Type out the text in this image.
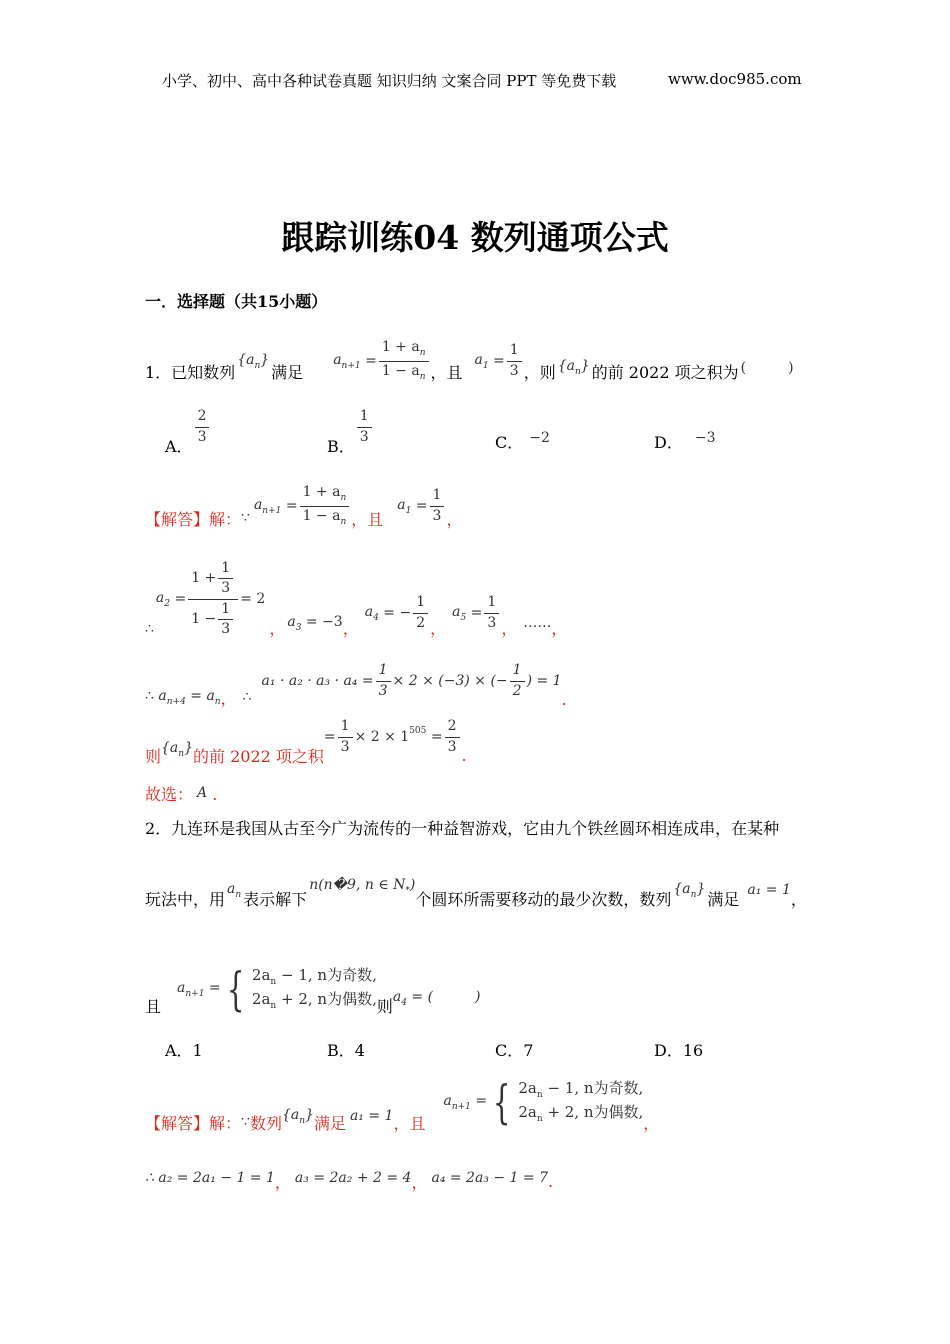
小学、初中、高中各种试卷真题 知识归纳 文案合同 PPT 等免费下载	www.doc985.com
跟踪训练04 数列通项公式
一．选择题（共15小题）
1．已知数列
$\{a_n\}$
满足
$a_{n+1} = \frac{1 + a_n}{1 - a_n}$ ，且
$a_1 = \frac{1}{3}$ ，则 $\{a_n\}$ 的前 2022 项之积为 (　　　)
A．
$\frac{2}{3}$
B．
$\frac{1}{3}$	C． −2	D． −3
【解答】解： ∵
$a_{n+1} = \frac{1 + a_n}{1 - a_n}$ ，且
$a_1 = \frac{1}{3}$ ，
∴
$a_2 = \frac{1 + \frac{1}{3}}{1 - \frac{1}{3}} = 2$
， $a_3 = -3$ ，
$a_4$
= − $\frac{1}{2}$ ，
$a_5 = \frac{1}{3}$ ， …… ，
∴ $a_{n+4} = a_n$ ， ∴
$a_1 \cdot a_2 \cdot a_3 \cdot a_4 = \frac{1}{3} \times 2 \times (-3)$ × (− $\frac{1}{2}$ ) = 1
.
则 $\{a_n\}$ 的前 2022 项之积
= $\frac{1}{3} \times 2 \times 1^{505}$
= $\frac{2}{3}$
.
故选： A .
2．九连环是我国从古至今广为流传的一种益智游戏，它由九个铁丝圆环相连成串，在某种
玩法中，用
$a_n$ 表示解下
n(n�9, n ∈ $N_*$)
个圆环所需要移动的最少次数，数列
$\{a_n\}$
满足 a₁ = 1 ，
且
$a_{n+1}$ = { $2a_n - 1$, n为奇数,
$2a_n + 2$, n为偶数, 则 $a_4$ = (　　　)
A．1	B．4	C．7	D．16
【解答】解： ∵ 数列 $\{a_n\}$ 满足 a₁ = 1 ，且
$a_{n+1}$ = { $2a_n - 1$, n为奇数,
$2a_n + 2$, n为偶数,
，
∴ a₂ = 2a₁ − 1 = 1 ， a₃ = 2a₂ + 2 = 4 ， a₄ = 2a₃ − 1 = 7 .
